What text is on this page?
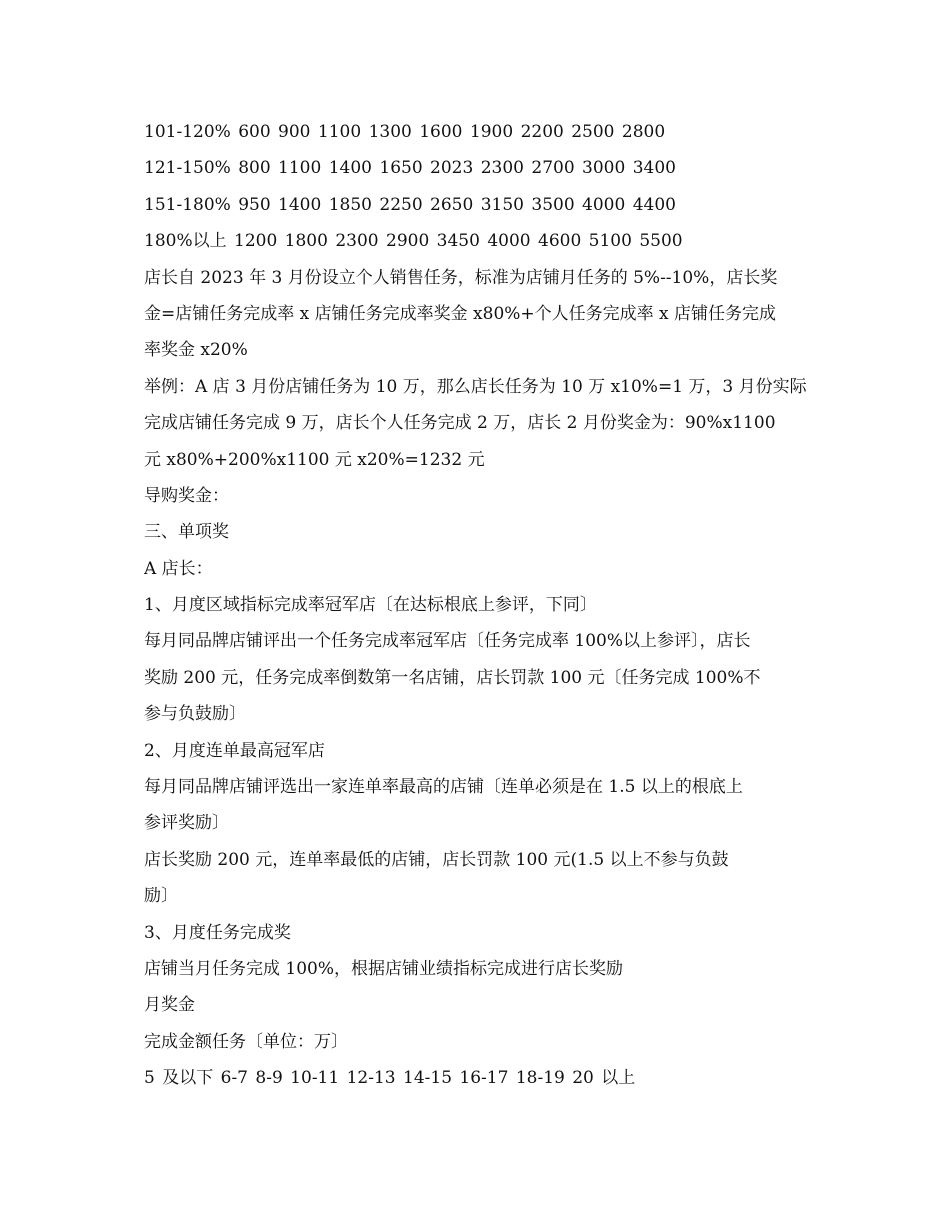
101-120% 600 900 1100 1300 1600 1900 2200 2500 2800

121-150% 800 1100 1400 1650 2023 2300 2700 3000 3400

151-180% 950 1400 1850 2250 2650 3150 3500 4000 4400

180%以上 1200 1800 2300 2900 3450 4000 4600 5100 5500

店长自 2023 年 3 月份设立个人销售任务，标准为店铺月任务的 5%--10%，店长奖

金=店铺任务完成率 x 店铺任务完成率奖金 x80%+个人任务完成率 x 店铺任务完成

率奖金 x20%

举例：A 店 3 月份店铺任务为 10 万，那么店长任务为 10 万 x10%=1 万，3 月份实际

完成店铺任务完成 9 万，店长个人任务完成 2 万，店长 2 月份奖金为：90%x1100

元 x80%+200%x1100 元 x20%=1232 元

导购奖金：

三、单项奖

A 店长：

1、月度区域指标完成率冠军店〔在达标根底上参评，下同〕

每月同品牌店铺评出一个任务完成率冠军店〔任务完成率 100%以上参评〕，店长

奖励 200 元，任务完成率倒数第一名店铺，店长罚款 100 元〔任务完成 100%不

参与负鼓励〕

2、月度连单最高冠军店

每月同品牌店铺评选出一家连单率最高的店铺〔连单必须是在 1.5 以上的根底上

参评奖励〕

店长奖励 200 元，连单率最低的店铺，店长罚款 100 元(1.5 以上不参与负鼓

励〕

3、月度任务完成奖

店铺当月任务完成 100%，根据店铺业绩指标完成进行店长奖励

月奖金

完成金额任务〔单位：万〕

5 及以下 6-7 8-9 10-11 12-13 14-15 16-17 18-19 20 以上
